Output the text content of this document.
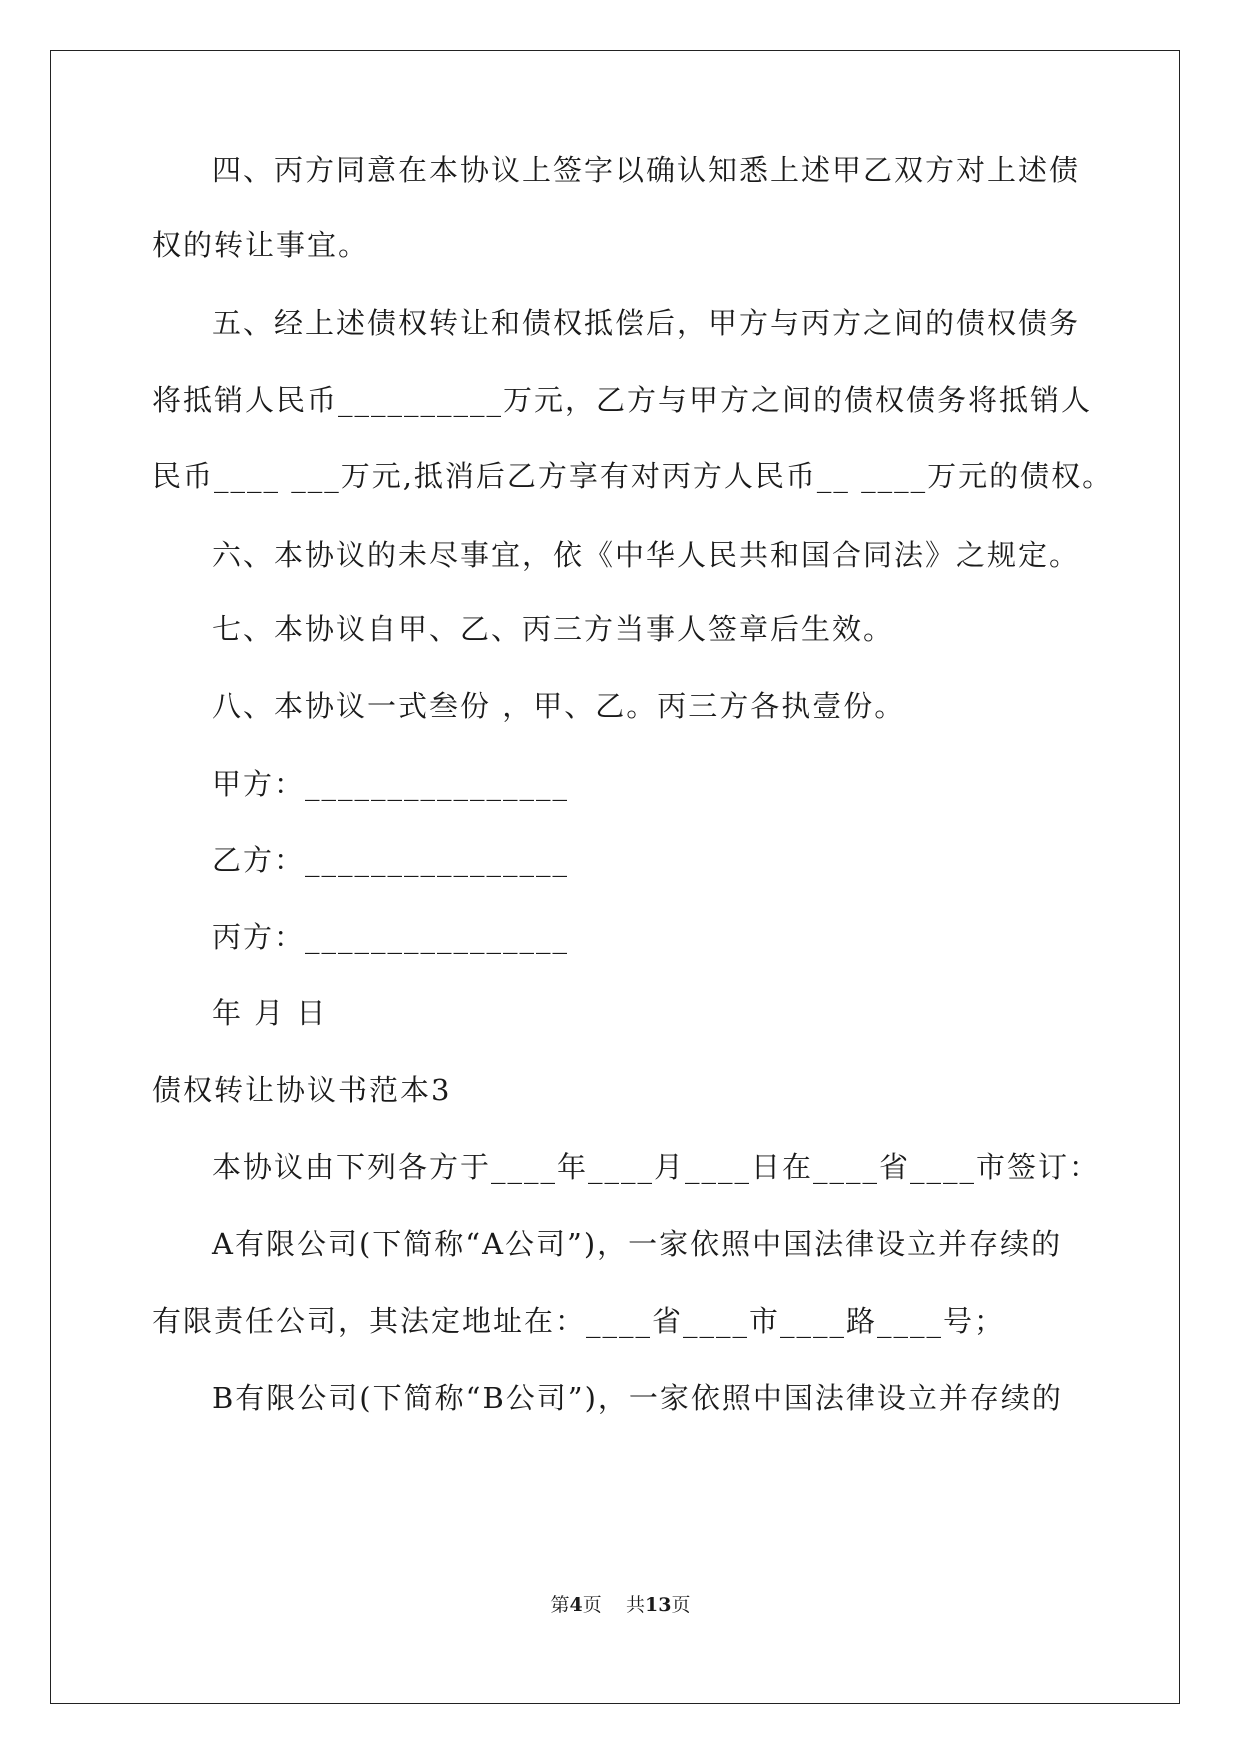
四、丙方同意在本协议上签字以确认知悉上述甲乙双方对上述债
权的转让事宜。
五、经上述债权转让和债权抵偿后，甲方与丙方之间的债权债务
将抵销人民币__________万元，乙方与甲方之间的债权债务将抵销人
民币____ ___万元,抵消后乙方享有对丙方人民币__ ____万元的债权。
六、本协议的未尽事宜，依《中华人民共和国合同法》之规定。
七、本协议自甲、乙、丙三方当事人签章后生效。
八、本协议一式叁份 ，甲、乙。丙三方各执壹份。
甲方：________________
乙方：________________
丙方：________________
年 月 日
债权转让协议书范本3
本协议由下列各方于____年____月____日在____省____市签订：
A有限公司(下简称“A公司”)，一家依照中国法律设立并存续的
有限责任公司，其法定地址在：____省____市____路____号；
B有限公司(下简称“B公司”)，一家依照中国法律设立并存续的
第4页 共13页
